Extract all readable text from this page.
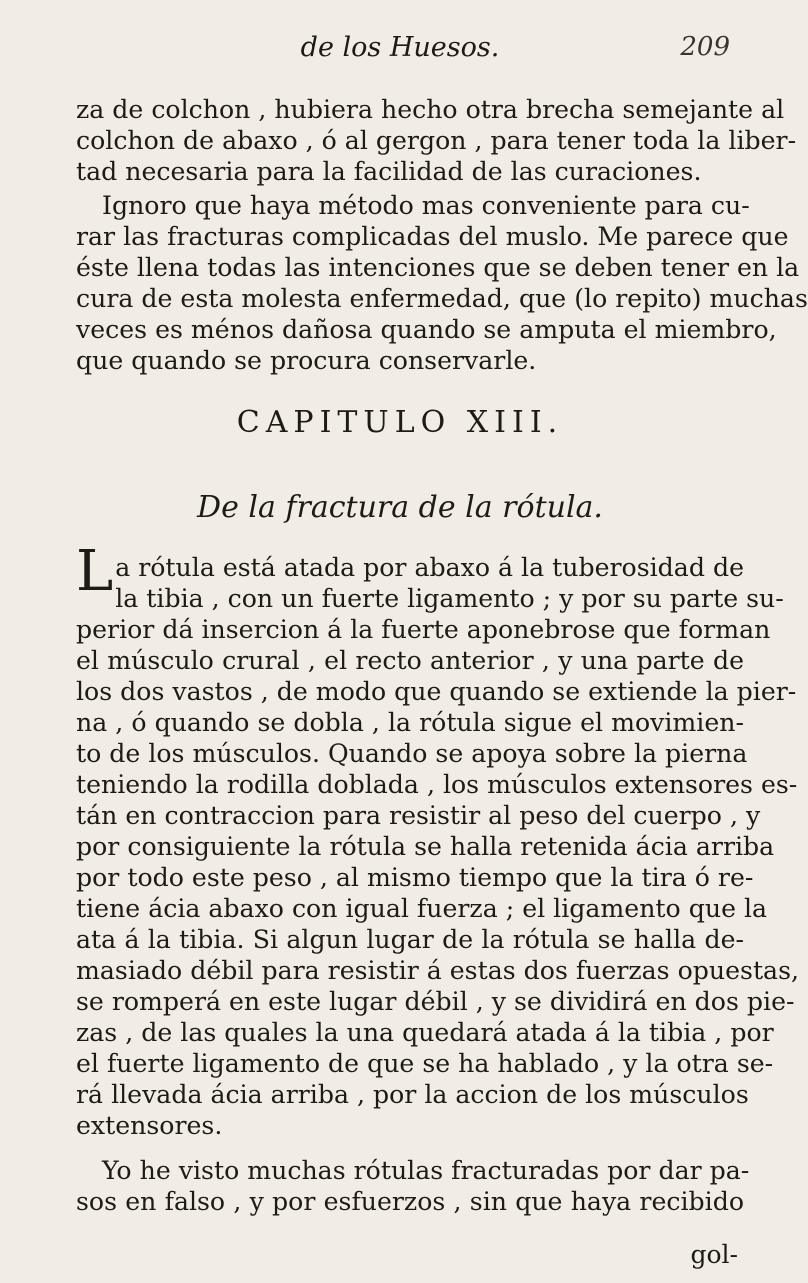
de los Huesos.	209
za de colchon , hubiera hecho otra brecha semejante al
colchon de abaxo , ó al gergon , para tener toda la liber-
tad necesaria para la facilidad de las curaciones.
Ignoro que haya método mas conveniente para cu-
rar las fracturas complicadas del muslo. Me parece que
éste llena todas las intenciones que se deben tener en la
cura de esta molesta enfermedad, que (lo repito) muchas
veces es ménos dañosa quando se amputa el miembro,
que quando se procura conservarle.
CAPITULO XIII.
De la fractura de la rótula.
La rótula está atada por abaxo á la tuberosidad de
la tibia , con un fuerte ligamento ; y por su parte su-
perior dá insercion á la fuerte aponebrose que forman
el músculo crural , el recto anterior , y una parte de
los dos vastos , de modo que quando se extiende la pier-
na , ó quando se dobla , la rótula sigue el movimien-
to de los músculos. Quando se apoya sobre la pierna
teniendo la rodilla doblada , los músculos extensores es-
tán en contraccion para resistir al peso del cuerpo , y
por consiguiente la rótula se halla retenida ácia arriba
por todo este peso , al mismo tiempo que la tira ó re-
tiene ácia abaxo con igual fuerza ; el ligamento que la
ata á la tibia. Si algun lugar de la rótula se halla de-
masiado débil para resistir á estas dos fuerzas opuestas,
se romperá en este lugar débil , y se dividirá en dos pie-
zas , de las quales la una quedará atada á la tibia , por
el fuerte ligamento de que se ha hablado , y la otra se-
rá llevada ácia arriba , por la accion de los músculos
extensores.
Yo he visto muchas rótulas fracturadas por dar pa-
sos en falso , y por esfuerzos , sin que haya recibido
gol-
